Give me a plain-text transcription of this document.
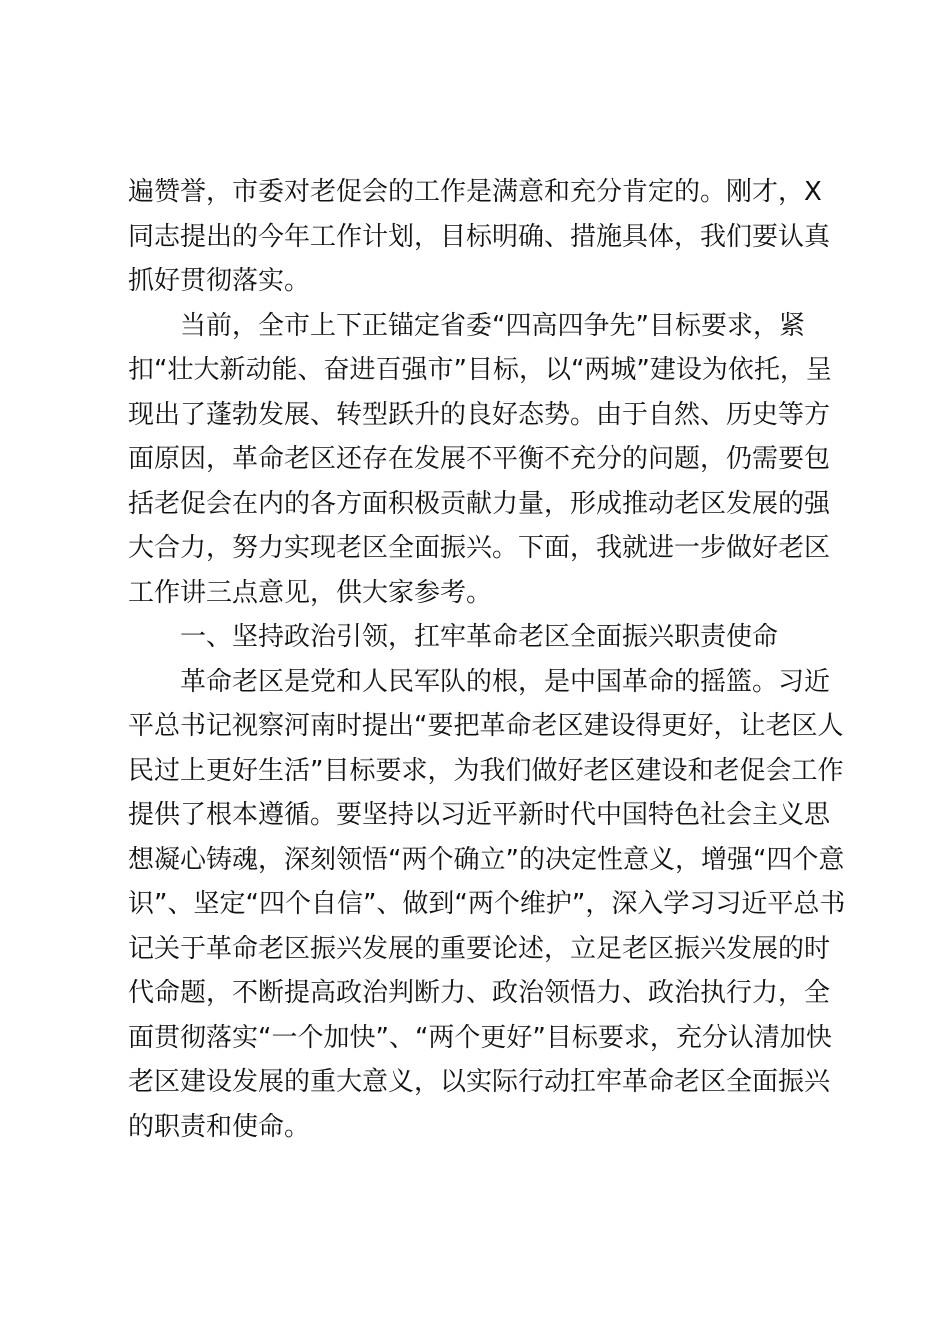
遍赞誉，市委对老促会的工作是满意和充分肯定的。刚才，X
同志提出的今年工作计划，目标明确、措施具体，我们要认真
抓好贯彻落实。
当前，全市上下正锚定省委“四高四争先”目标要求，紧
扣“壮大新动能、奋进百强市”目标，以“两城”建设为依托，呈
现出了蓬勃发展、转型跃升的良好态势。由于自然、历史等方
面原因，革命老区还存在发展不平衡不充分的问题，仍需要包
括老促会在内的各方面积极贡献力量，形成推动老区发展的强
大合力，努力实现老区全面振兴。下面，我就进一步做好老区
工作讲三点意见，供大家参考。
一、坚持政治引领，扛牢革命老区全面振兴职责使命
革命老区是党和人民军队的根，是中国革命的摇篮。习近
平总书记视察河南时提出“要把革命老区建设得更好，让老区人
民过上更好生活”目标要求，为我们做好老区建设和老促会工作
提供了根本遵循。要坚持以习近平新时代中国特色社会主义思
想凝心铸魂，深刻领悟“两个确立”的决定性意义，增强“四个意
识”、坚定“四个自信”、做到“两个维护”，深入学习习近平总书
记关于革命老区振兴发展的重要论述，立足老区振兴发展的时
代命题，不断提高政治判断力、政治领悟力、政治执行力，全
面贯彻落实“一个加快”、“两个更好”目标要求，充分认清加快
老区建设发展的重大意义，以实际行动扛牢革命老区全面振兴
的职责和使命。
